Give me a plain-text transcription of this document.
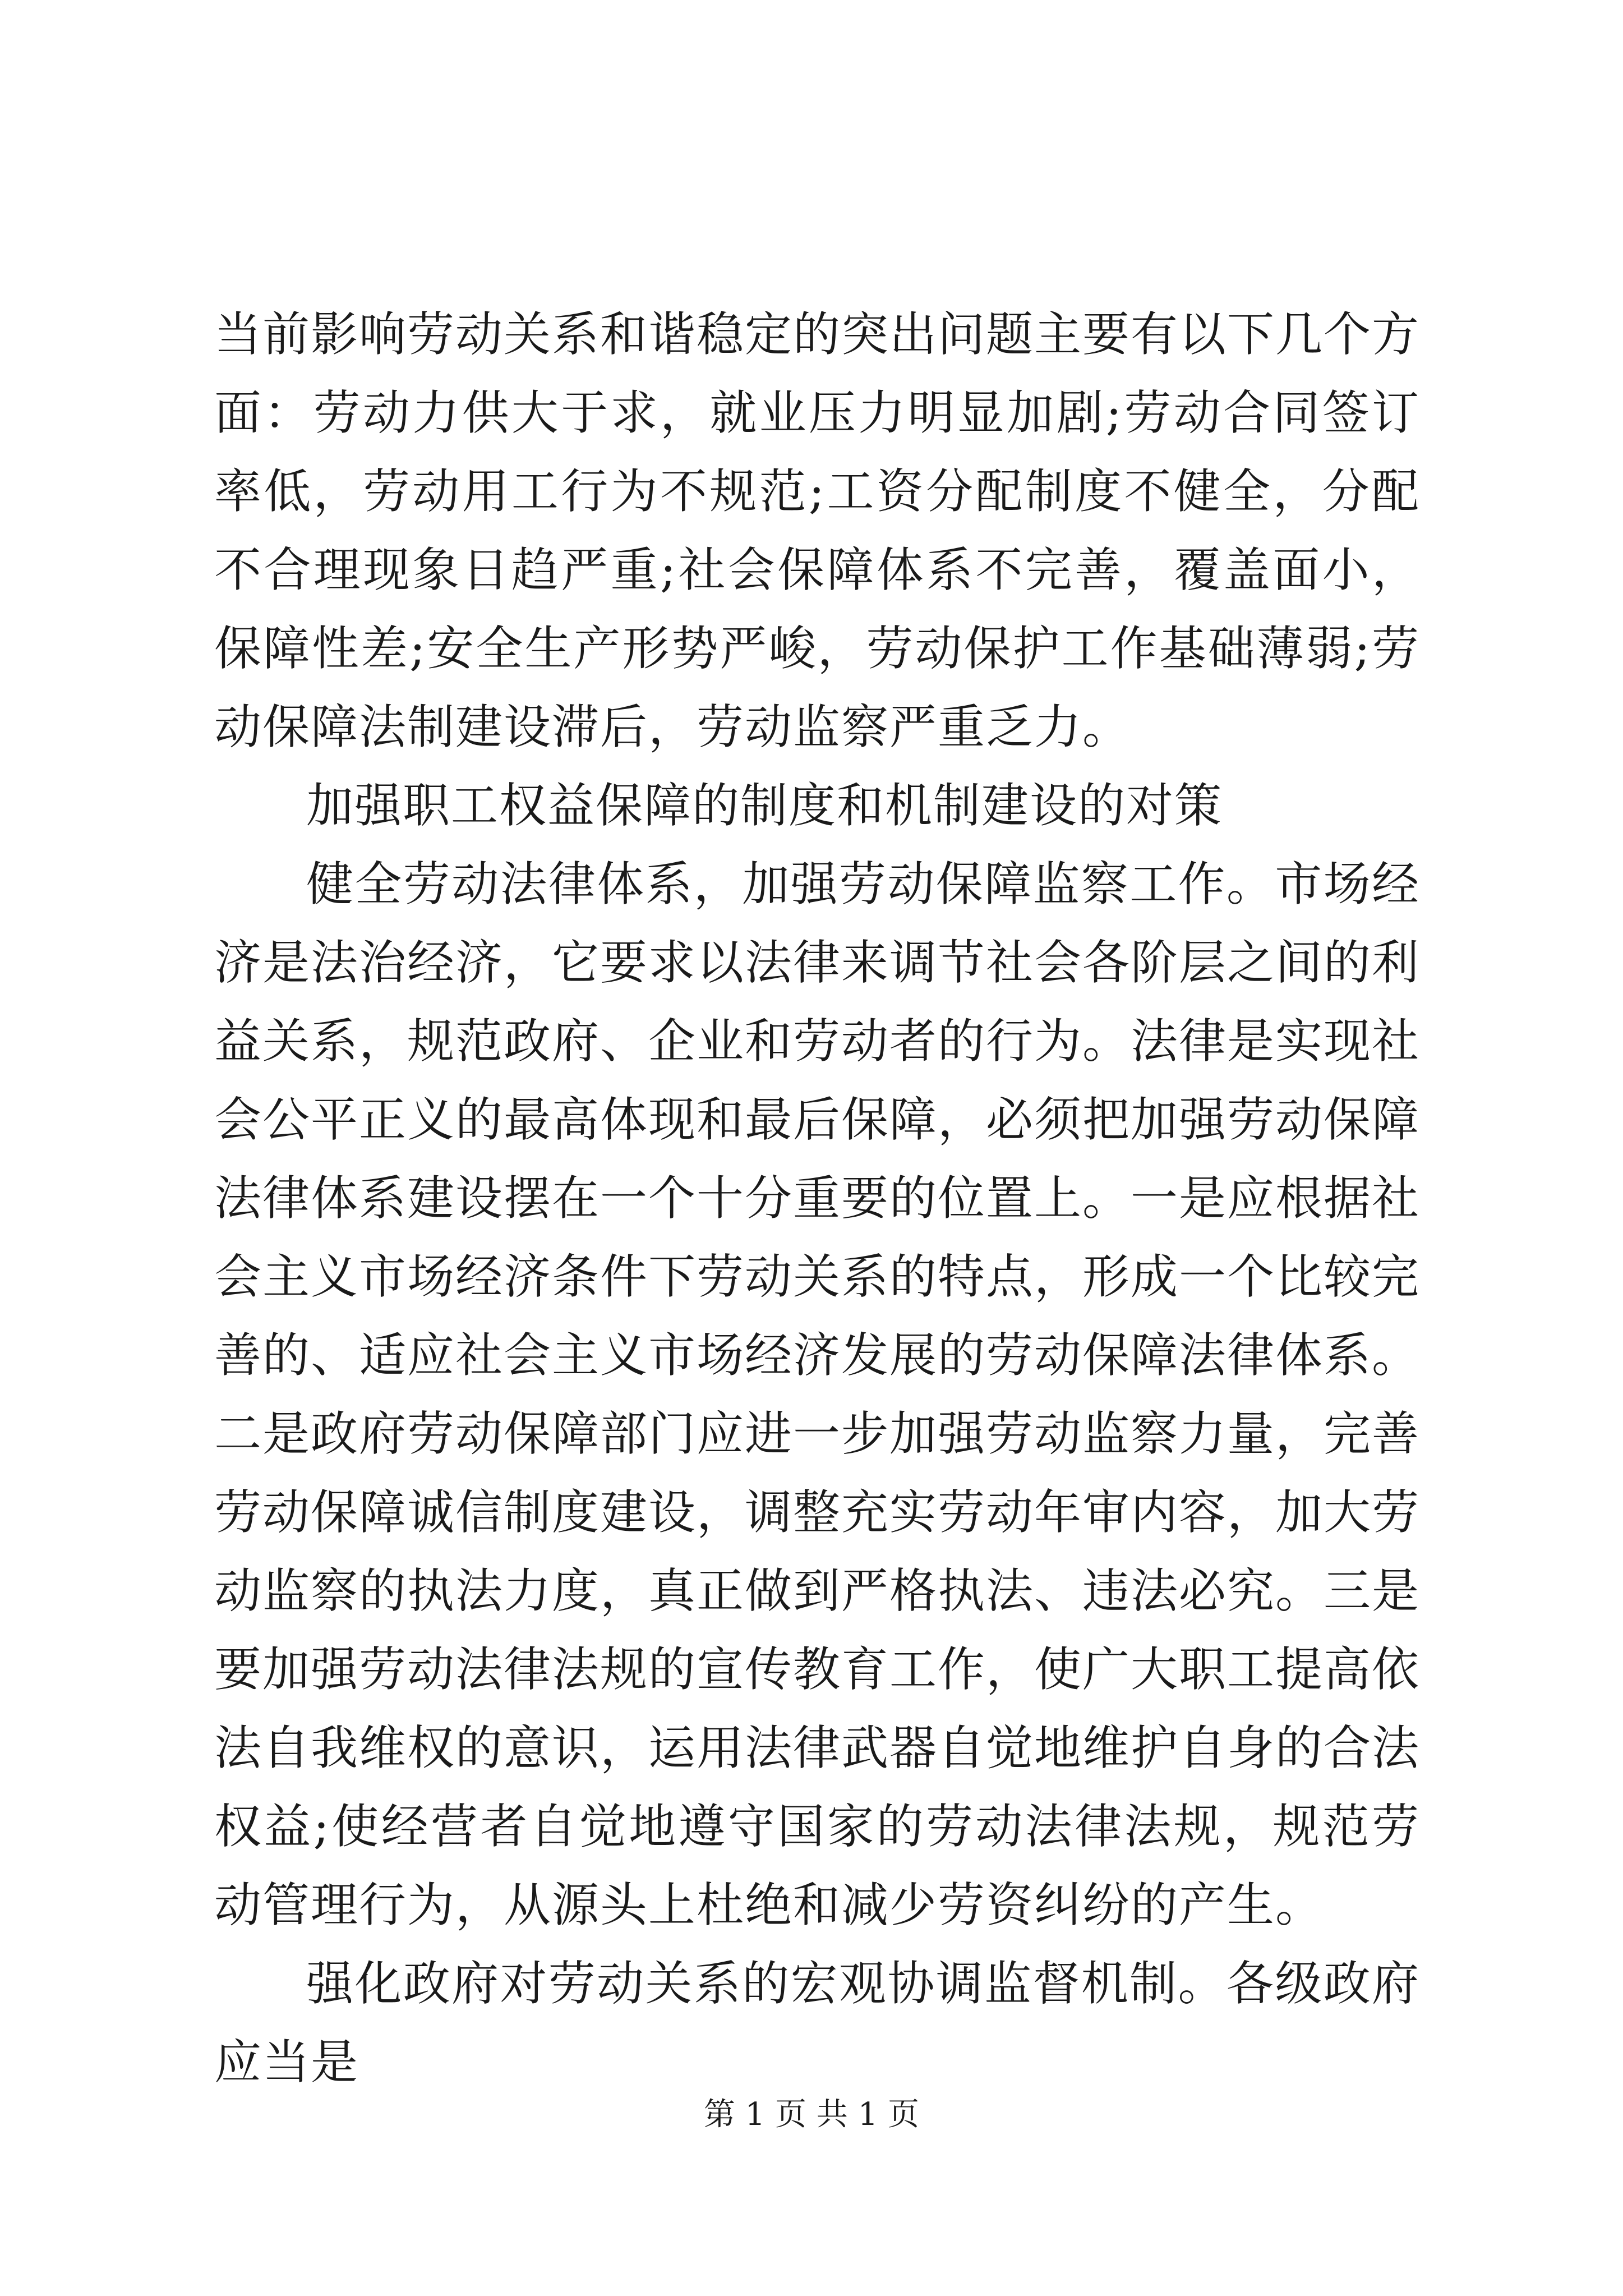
当前影响劳动关系和谐稳定的突出问题主要有以下几个方面：劳动力供大于求，就业压力明显加剧;劳动合同签订率低，劳动用工行为不规范;工资分配制度不健全，分配不合理现象日趋严重;社会保障体系不完善，覆盖面小，保障性差;安全生产形势严峻，劳动保护工作基础薄弱;劳动保障法制建设滞后，劳动监察严重乏力。

加强职工权益保障的制度和机制建设的对策

健全劳动法律体系，加强劳动保障监察工作。市场经济是法治经济，它要求以法律来调节社会各阶层之间的利益关系，规范政府、企业和劳动者的行为。法律是实现社会公平正义的最高体现和最后保障，必须把加强劳动保障法律体系建设摆在一个十分重要的位置上。一是应根据社会主义市场经济条件下劳动关系的特点，形成一个比较完善的、适应社会主义市场经济发展的劳动保障法律体系。二是政府劳动保障部门应进一步加强劳动监察力量，完善劳动保障诚信制度建设，调整充实劳动年审内容，加大劳动监察的执法力度，真正做到严格执法、违法必究。三是要加强劳动法律法规的宣传教育工作，使广大职工提高依法自我维权的意识，运用法律武器自觉地维护自身的合法权益;使经营者自觉地遵守国家的劳动法律法规，规范劳动管理行为，从源头上杜绝和减少劳资纠纷的产生。

强化政府对劳动关系的宏观协调监督机制。各级政府应当是

第 1 页 共 1 页
